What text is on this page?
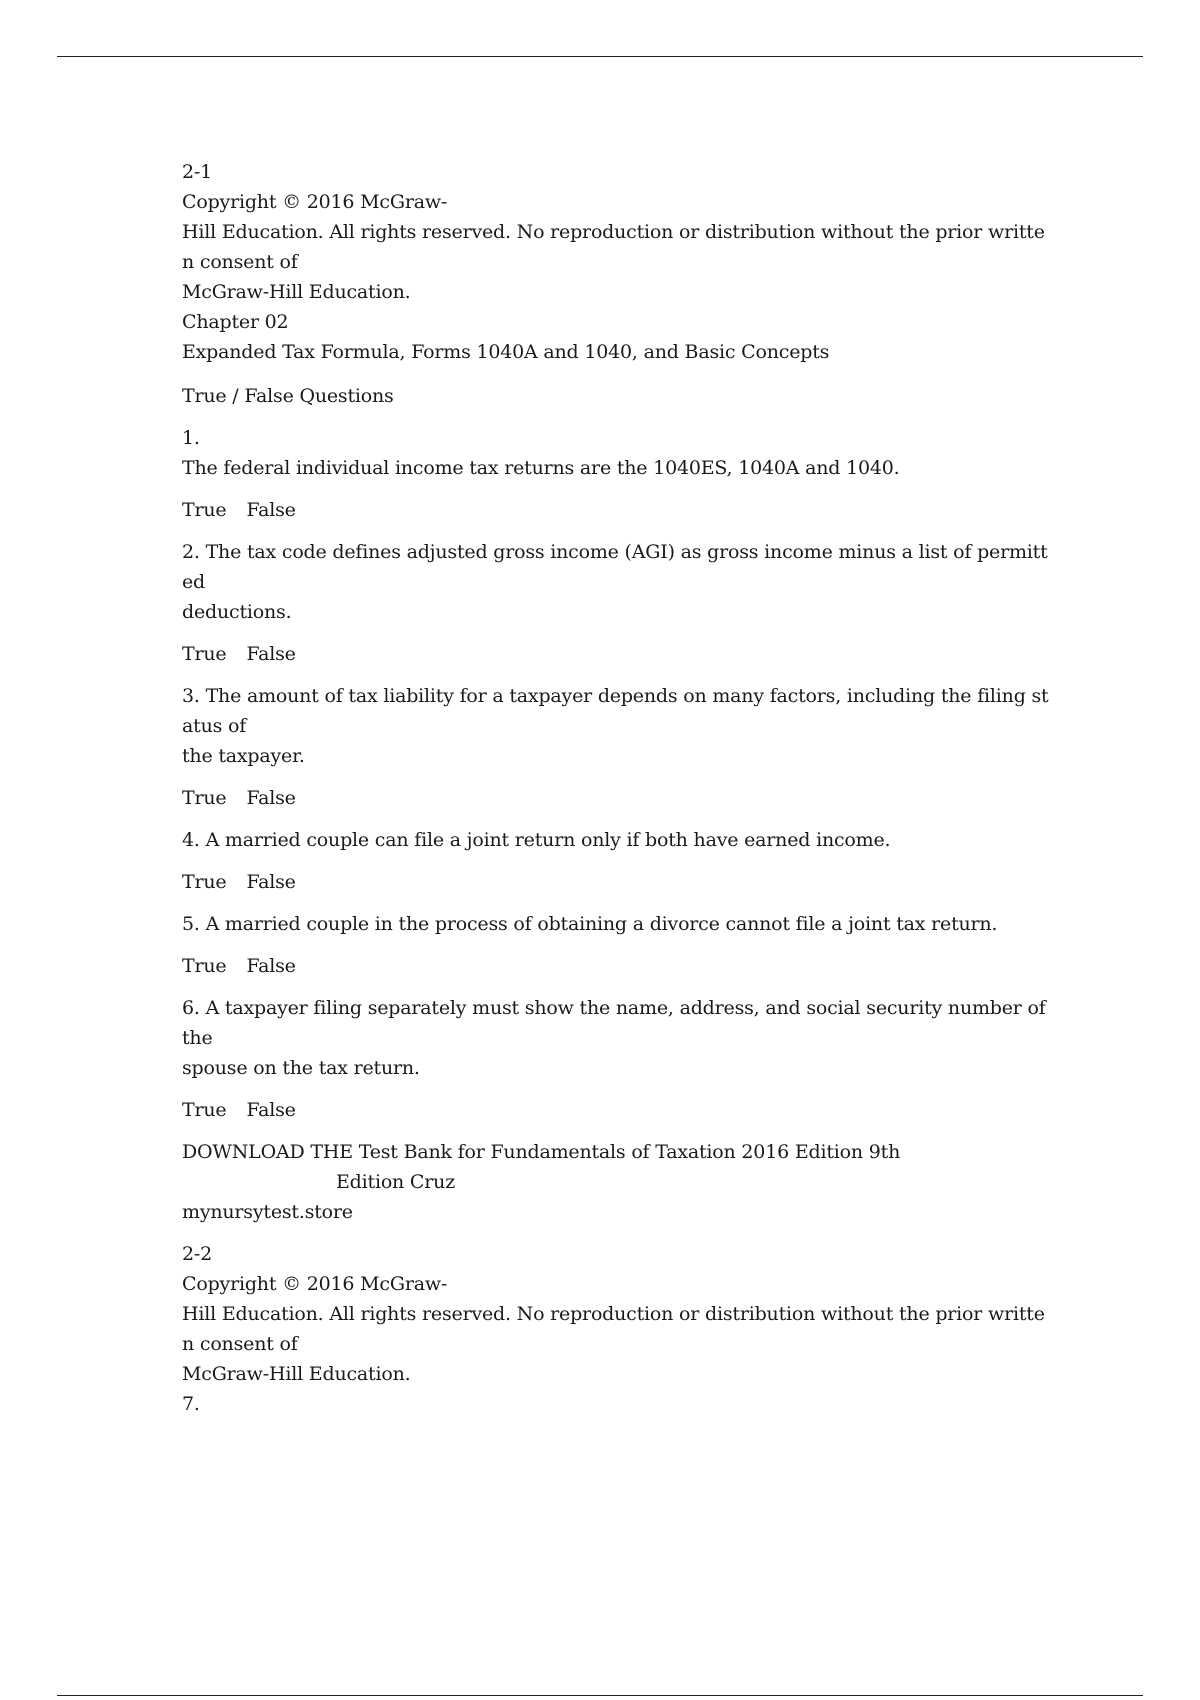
2-1
Copyright © 2016 McGraw-
Hill Education. All rights reserved. No reproduction or distribution without the prior writte
n consent of
McGraw-Hill Education.
Chapter 02
Expanded Tax Formula, Forms 1040A and 1040, and Basic Concepts
True / False Questions
1.
The federal individual income tax returns are the 1040ES, 1040A and 1040.
True False
2. The tax code defines adjusted gross income (AGI) as gross income minus a list of permitt
ed
deductions.
True False
3. The amount of tax liability for a taxpayer depends on many factors, including the filing st
atus of
the taxpayer.
True False
4. A married couple can file a joint return only if both have earned income.
True False
5. A married couple in the process of obtaining a divorce cannot file a joint tax return.
True False
6. A taxpayer filing separately must show the name, address, and social security number of
the
spouse on the tax return.
True False
DOWNLOAD THE Test Bank for Fundamentals of Taxation 2016 Edition 9th
Edition Cruz
mynursytest.store
2-2
Copyright © 2016 McGraw-
Hill Education. All rights reserved. No reproduction or distribution without the prior writte
n consent of
McGraw-Hill Education.
7.
